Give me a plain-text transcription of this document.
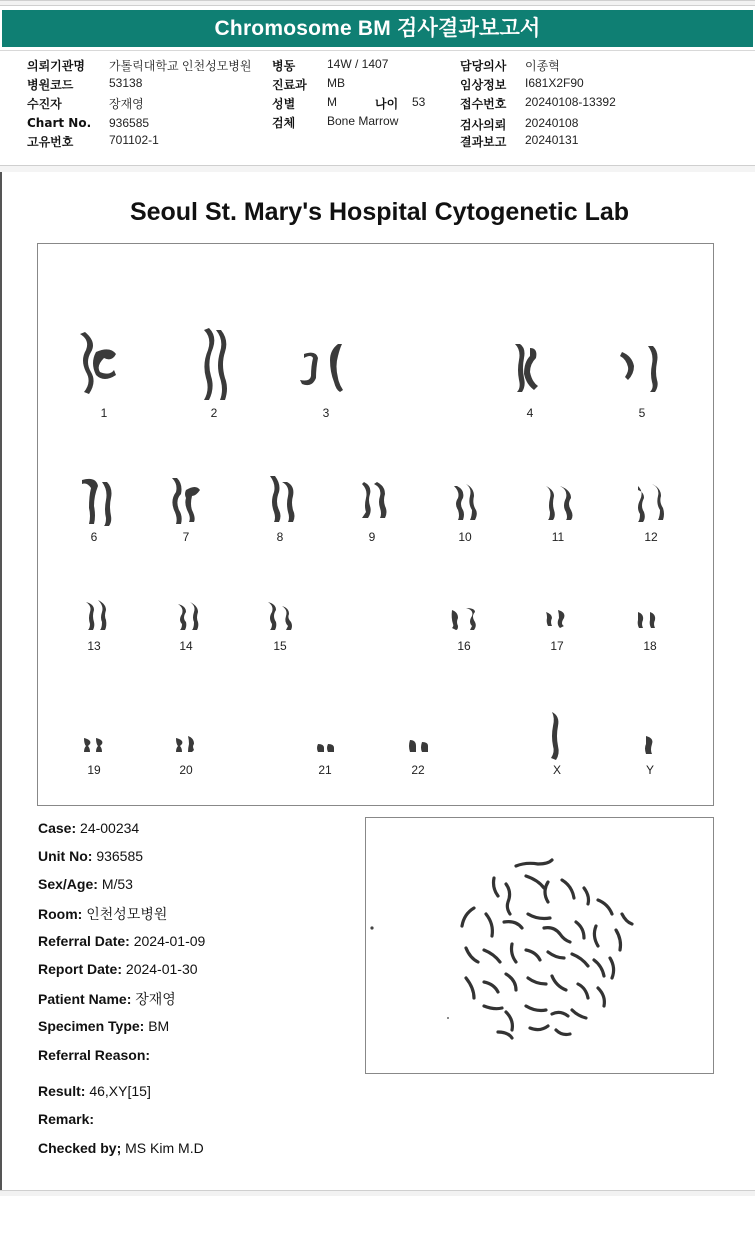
Chromosome BM 검사결과보고서
의뢰기관명 가톨릭대학교 인천성모병원
병원코드	53138
수진자	장재영
Chart No. 936585
고유번호	701102-1
병동	14W / 1407
진료과 MB
성별	M	나이 53
검체	Bone Marrow
담당의사 이종혁
임상정보 I681X2F90
접수번호 20240108-13392
검사의뢰 20240108
결과보고 20240131
Seoul St. Mary's Hospital Cytogenetic Lab
1	2	3	4	5
6	7	8	9	10	11	12
13	14	15	16	17	18
19	20	21	22	X	Y
Case: 24-00234
Unit No: 936585
Sex/Age: M/53
Room: 인천성모병원
Referral Date: 2024-01-09
Report Date: 2024-01-30
Patient Name: 장재영
Specimen Type: BM
Referral Reason:
Result: 46,XY[15]
Remark:
Checked by; MS Kim M.D
